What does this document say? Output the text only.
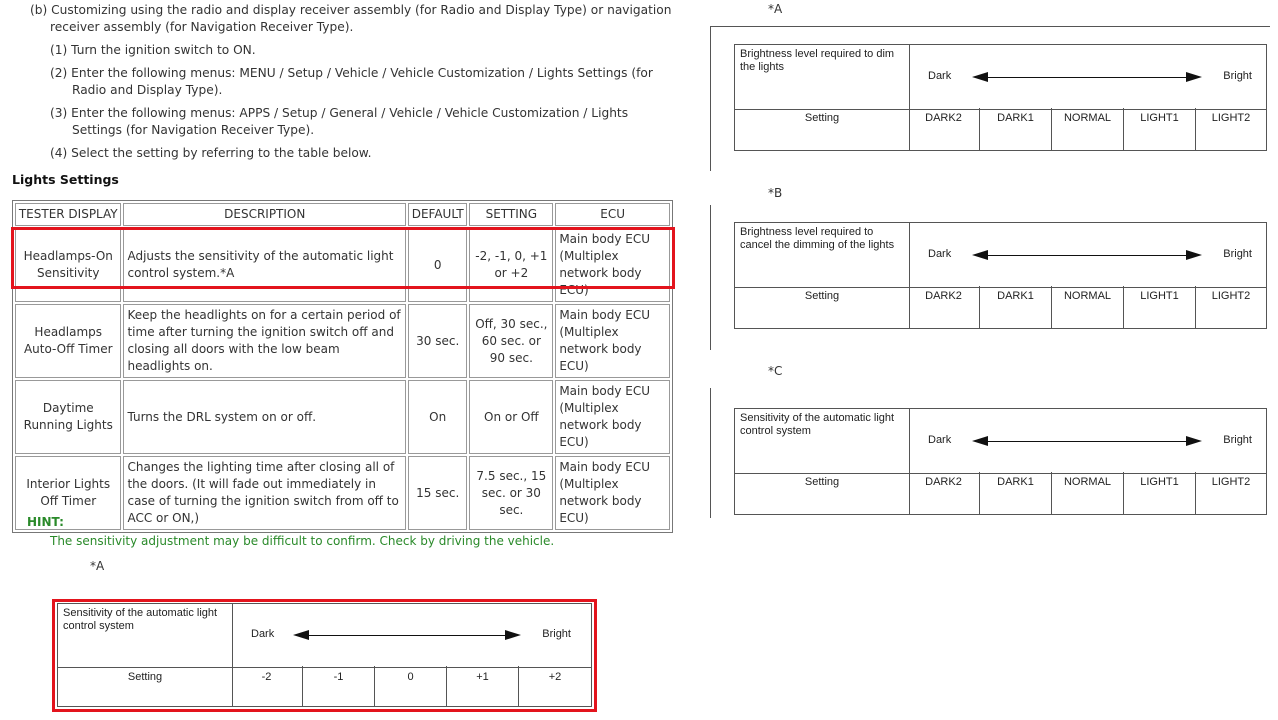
(b) Customizing using the radio and display receiver assembly (for Radio and Display Type) or navigation receiver assembly (for Navigation Receiver Type).

(1) Turn the ignition switch to ON.

(2) Enter the following menus: MENU / Setup / Vehicle / Vehicle Customization / Lights Settings (for Radio and Display Type).

(3) Enter the following menus: APPS / Setup / General / Vehicle / Vehicle Customization / Lights Settings (for Navigation Receiver Type).

(4) Select the setting by referring to the table below.

Lights Settings
TESTER DISPLAY	DESCRIPTION	DEFAULT	SETTING	ECU
Headlamps-On Sensitivity	Adjusts the sensitivity of the automatic light control system.*A	0	-2, -1, 0, +1 or +2	Main body ECU (Multiplex network body ECU)
Headlamps Auto-Off Timer	Keep the headlights on for a certain period of time after turning the ignition switch off and closing all doors with the low beam headlights on.	30 sec.	Off, 30 sec., 60 sec. or 90 sec.	Main body ECU (Multiplex network body ECU)
Daytime Running Lights	Turns the DRL system on or off.	On	On or Off	Main body ECU (Multiplex network body ECU)
Interior Lights Off Timer	Changes the lighting time after closing all of the doors. (It will fade out immediately in case of turning the ignition switch from off to ACC or ON,)	15 sec.	7.5 sec., 15 sec. or 30 sec.	Main body ECU (Multiplex network body ECU)
HINT:
The sensitivity adjustment may be difficult to confirm. Check by driving the vehicle.
*A
Sensitivity of the automatic light control system
Dark	Bright
Setting	-2	-1	0	+1	+2
*A
Brightness level required to dim the lights
Dark	Bright
Setting	DARK2	DARK1	NORMAL	LIGHT1	LIGHT2
*B
Brightness level required to cancel the dimming of the lights
Dark	Bright
Setting	DARK2	DARK1	NORMAL	LIGHT1	LIGHT2
*C
Sensitivity of the automatic light control system
Dark	Bright
Setting	DARK2	DARK1	NORMAL	LIGHT1	LIGHT2
